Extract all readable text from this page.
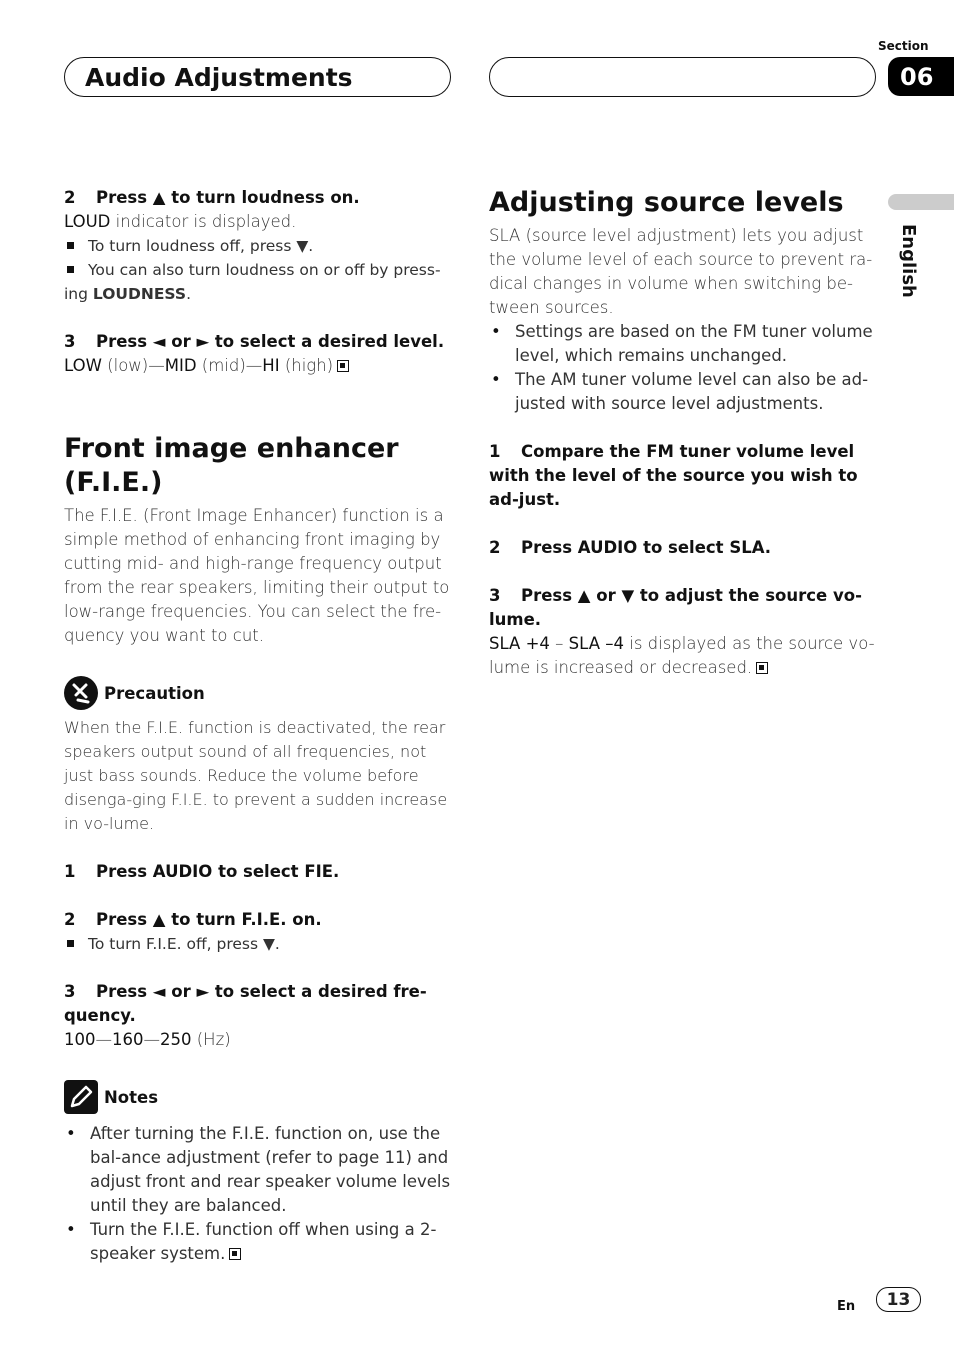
Section
06
Audio Adjustments
English
2 Press ▲ to turn loudness on.
LOUD indicator is displayed.
To turn loudness off, press ▼.
You can also turn loudness on or off by press-ing LOUDNESS.
3 Press ◄ or ► to select a desired level.
LOW (low)—MID (mid)—HI (high)
Front image enhancer (F.I.E.)
The F.I.E. (Front Image Enhancer) function is a simple method of enhancing front imaging by cutting mid- and high-range frequency output from the rear speakers, limiting their output to low-range frequencies. You can select the fre-quency you want to cut.
Precaution
When the F.I.E. function is deactivated, the rear speakers output sound of all frequencies, not just bass sounds. Reduce the volume before disenga-ging F.I.E. to prevent a sudden increase in vo-lume.
1 Press AUDIO to select FIE.
2 Press ▲ to turn F.I.E. on.
To turn F.I.E. off, press ▼.
3 Press ◄ or ► to select a desired fre-quency.
100—160—250 (Hz)
Notes
• After turning the F.I.E. function on, use the bal-ance adjustment (refer to page 11) and adjust front and rear speaker volume levels until they are balanced.
• Turn the F.I.E. function off when using a 2-speaker system.
Adjusting source levels
SLA (source level adjustment) lets you adjust the volume level of each source to prevent ra-dical changes in volume when switching be-tween sources.
• Settings are based on the FM tuner volume level, which remains unchanged.
• The AM tuner volume level can also be ad-justed with source level adjustments.
1 Compare the FM tuner volume level with the level of the source you wish to ad-just.
2 Press AUDIO to select SLA.
3 Press ▲ or ▼ to adjust the source vo-lume.
SLA +4 – SLA –4 is displayed as the source vo-lume is increased or decreased.
En	13
